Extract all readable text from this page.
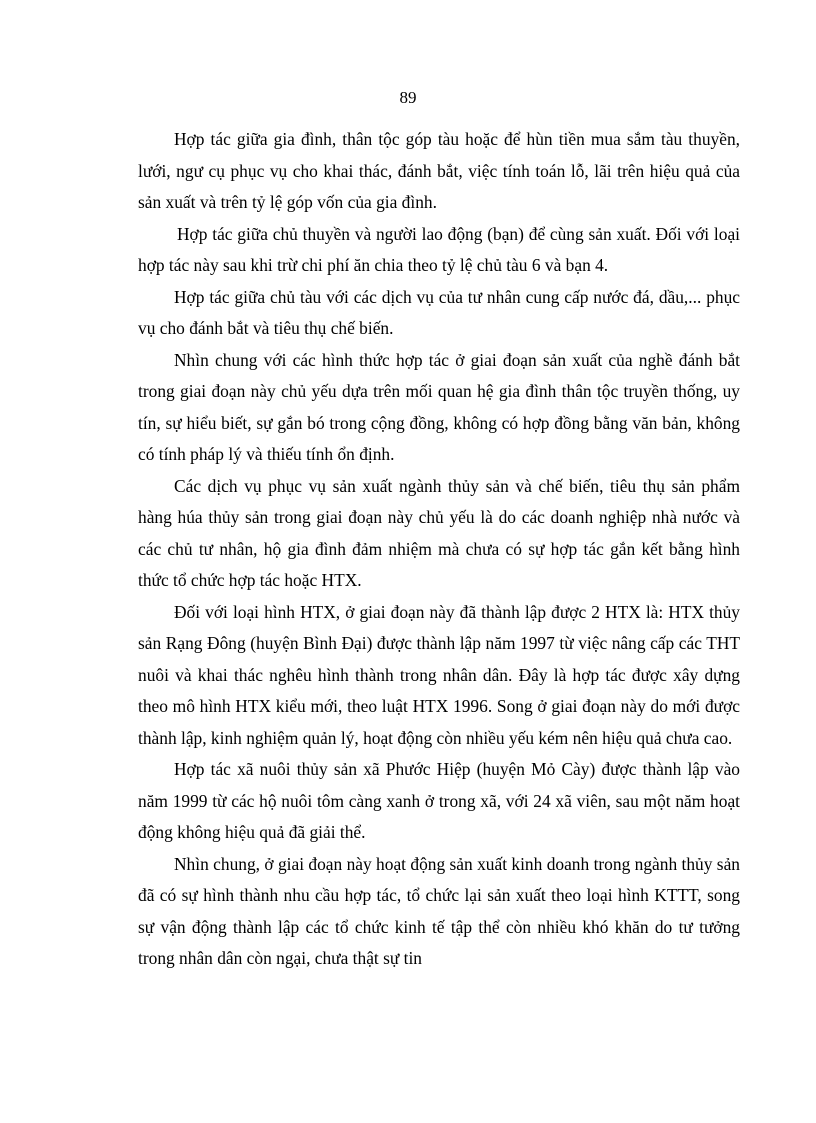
89

Hợp tác giữa gia đình, thân tộc góp tàu hoặc để hùn tiền mua sắm tàu thuyền, lưới, ngư cụ phục vụ cho khai thác, đánh bắt, việc tính toán lỗ, lãi trên hiệu quả của sản xuất và trên tỷ lệ góp vốn của gia đình.

Hợp tác giữa chủ thuyền và người lao động (bạn) để cùng sản xuất. Đối với loại hợp tác này sau khi trừ chi phí ăn chia theo tỷ lệ chủ tàu 6 và bạn 4.

Hợp tác giữa chủ tàu với các dịch vụ của tư nhân cung cấp nước đá, dầu,... phục vụ cho đánh bắt và tiêu thụ chế biến.

Nhìn chung với các hình thức hợp tác ở giai đoạn sản xuất của nghề đánh bắt trong giai đoạn này chủ yếu dựa trên mối quan hệ gia đình thân tộc truyền thống, uy tín, sự hiểu biết, sự gắn bó trong cộng đồng, không có hợp đồng bằng văn bản, không có tính pháp lý và thiếu tính ổn định.

Các dịch vụ phục vụ sản xuất ngành thủy sản và chế biến, tiêu thụ sản phẩm hàng húa thủy sản trong giai đoạn này chủ yếu là do các doanh nghiệp nhà nước và các chủ tư nhân, hộ gia đình đảm nhiệm mà chưa có sự hợp tác gắn kết bằng hình thức tổ chức hợp tác hoặc HTX.

Đối với loại hình HTX, ở giai đoạn này đã thành lập được 2 HTX là: HTX thủy sản Rạng Đông (huyện Bình Đại) được thành lập năm 1997 từ việc nâng cấp các THT nuôi và khai thác nghêu hình thành trong nhân dân. Đây là hợp tác được xây dựng theo mô hình HTX kiểu mới, theo luật HTX 1996. Song ở giai đoạn này do mới được thành lập, kinh nghiệm quản lý, hoạt động còn nhiều yếu kém nên hiệu quả chưa cao.

Hợp tác xã nuôi thủy sản xã Phước Hiệp (huyện Mỏ Cày) được thành lập vào năm 1999 từ các hộ nuôi tôm càng xanh ở trong xã, với 24 xã viên, sau một năm hoạt động không hiệu quả đã giải thể.

Nhìn chung, ở giai đoạn này hoạt động sản xuất kinh doanh trong ngành thủy sản đã có sự hình thành nhu cầu hợp tác, tổ chức lại sản xuất theo loại hình KTTT, song sự vận động thành lập các tổ chức kinh tế tập thể còn nhiều khó khăn do tư tưởng trong nhân dân còn ngại, chưa thật sự tin
